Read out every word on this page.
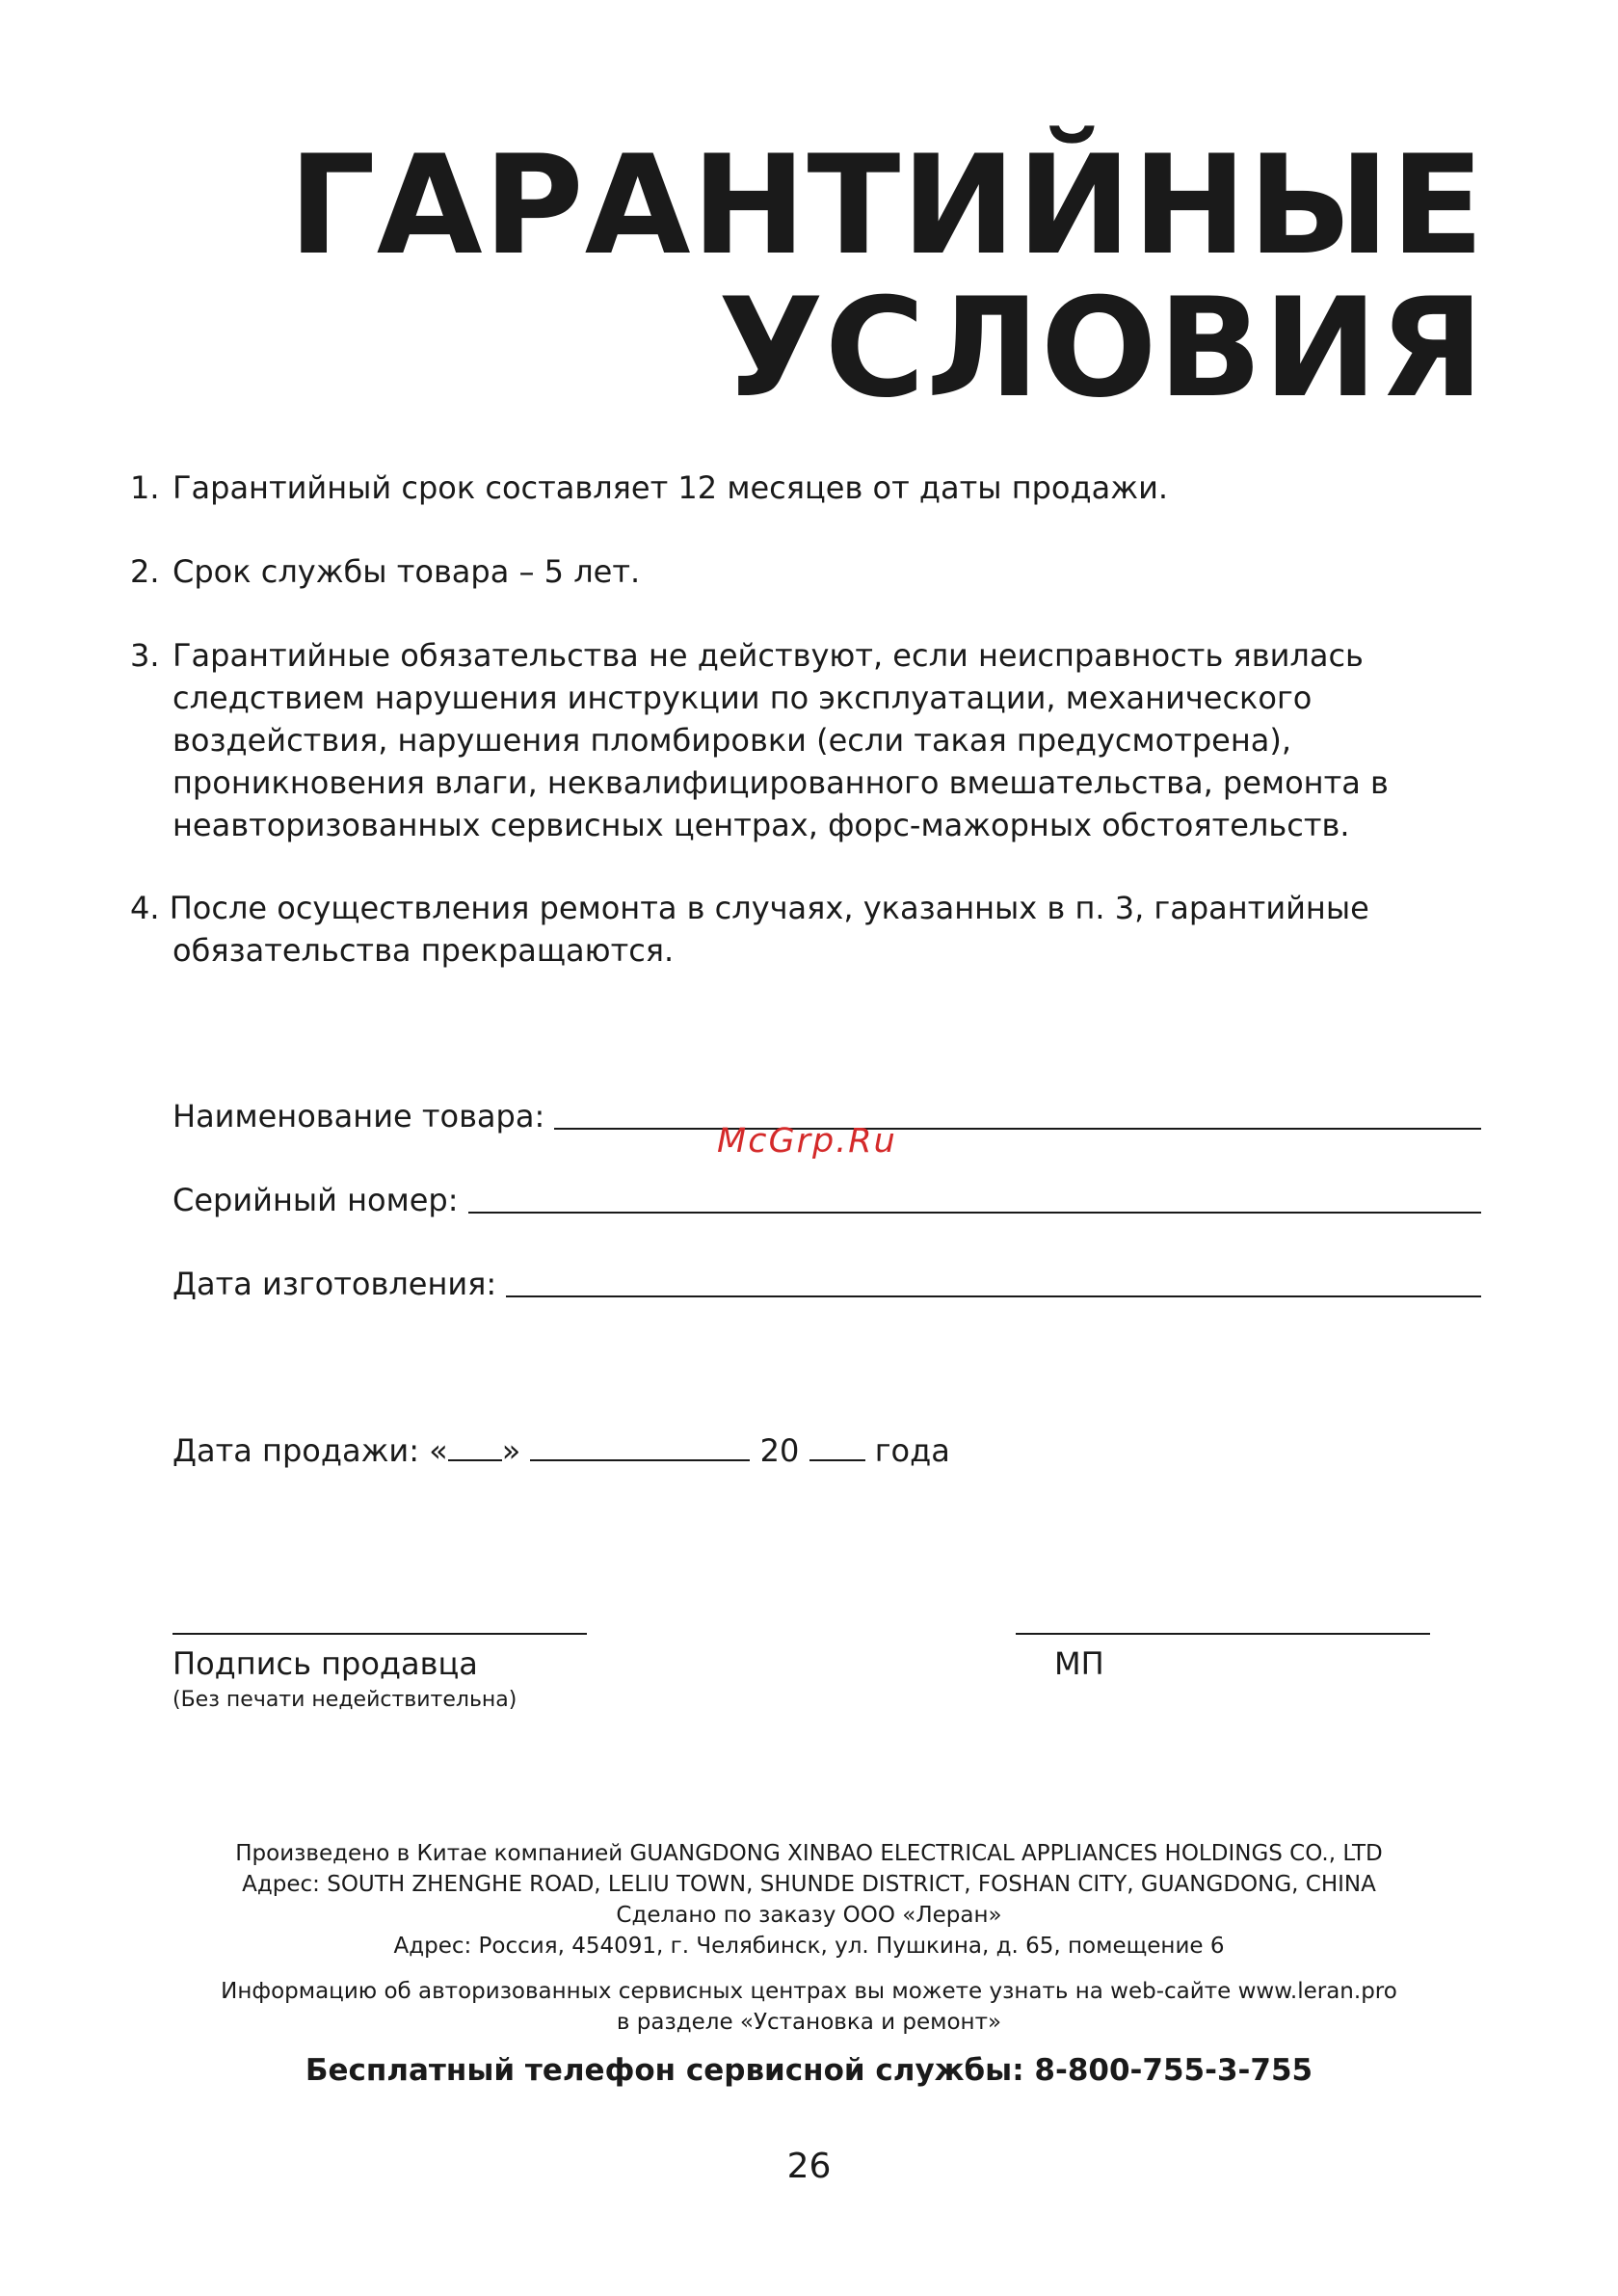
ГАРАНТИЙНЫЕ
УСЛОВИЯ
1. Гарантийный срок составляет 12 месяцев от даты продажи.
2. Срок службы товара – 5 лет.
3. Гарантийные обязательства не действуют, если неисправность явилась следствием нарушения инструкции по эксплуатации, механического воздействия, нарушения пломбировки (если такая предусмотрена), проникновения влаги, неквалифицированного вмешательства, ремонта в неавторизованных сервисных центрах, форс-мажорных обстоятельств.
4. После осуществления ремонта в случаях, указанных в п. 3, гарантийные обязательства прекращаются.
Наименование товара:
Серийный номер:
Дата изготовления:
McGrp.Ru
Дата продажи: « »	20 года
Подпись продавца
(Без печати недействительна)
МП
Произведено в Китае компанией GUANGDONG XINBAO ELECTRICAL APPLIANCES HOLDINGS CO., LTD
Адрес: SOUTH ZHENGHE ROAD, LELIU TOWN, SHUNDE DISTRICT, FOSHAN CITY, GUANGDONG, CHINA
Сделано по заказу ООО «Леран»
Адрес: Россия, 454091, г. Челябинск, ул. Пушкина, д. 65, помещение 6
Информацию об авторизованных сервисных центрах вы можете узнать на web-сайте www.leran.pro
в разделе «Установка и ремонт»
Бесплатный телефон сервисной службы: 8-800-755-3-755
26
